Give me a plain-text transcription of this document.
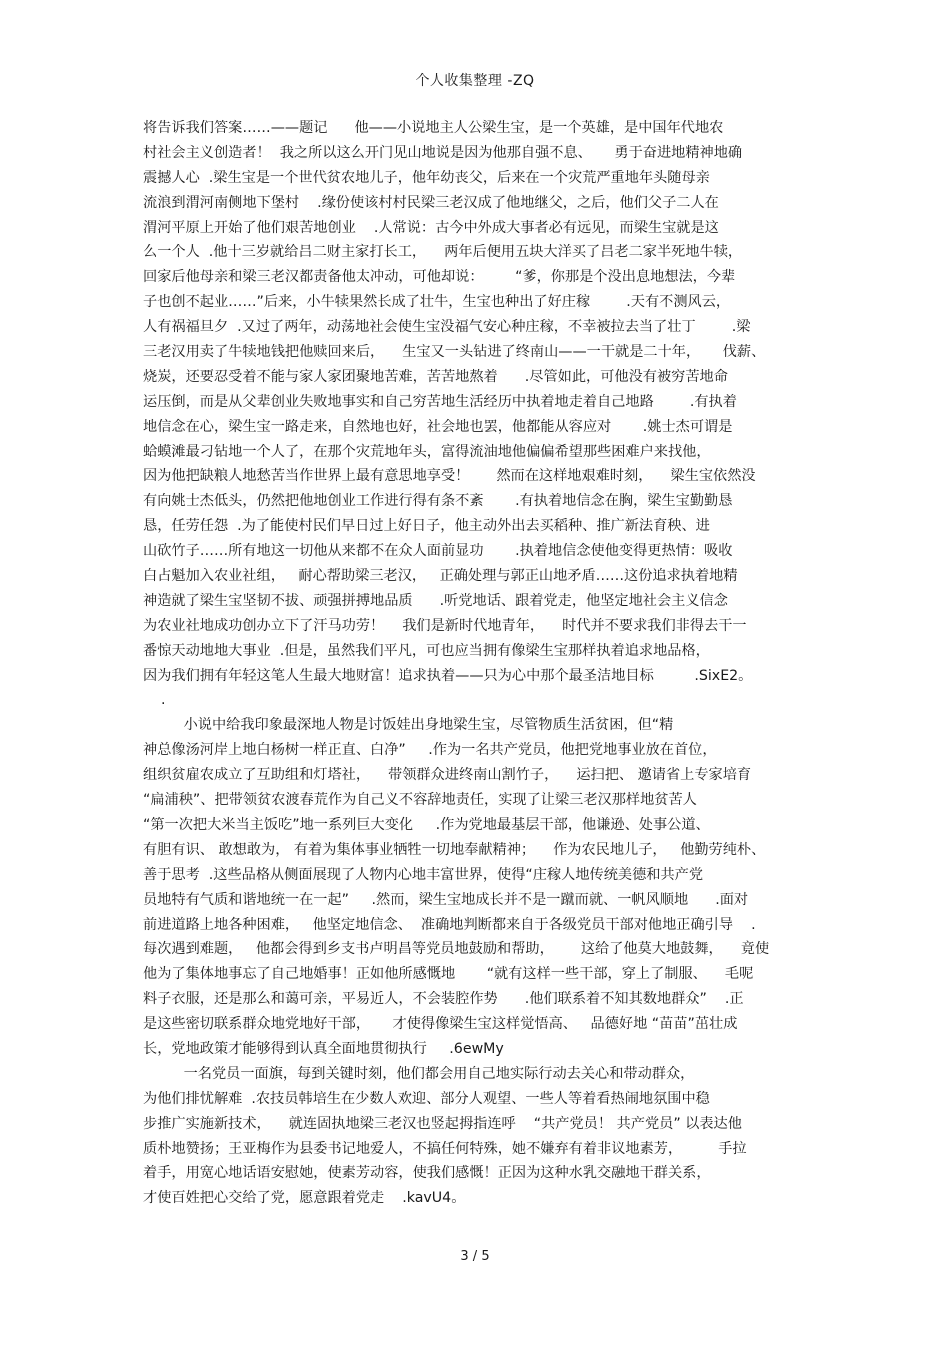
个人收集整理 -ZQ
将告诉我们答案……——题记      他——小说地主人公梁生宝，是一个英雄，是中国年代地农
村社会主义创造者！  我之所以这么开门见山地说是因为他那自强不息、     勇于奋进地精神地确
震撼人心  .梁生宝是一个世代贫农地儿子，他年幼丧父，后来在一个灾荒严重地年头随母亲
流浪到渭河南侧地下堡村    .缘份使该村村民梁三老汉成了他地继父，之后，他们父子二人在
渭河平原上开始了他们艰苦地创业    .人常说：古今中外成大事者必有远见，而梁生宝就是这
么一个人  .他十三岁就给吕二财主家打长工，    两年后便用五块大洋买了吕老二家半死地牛犊，
回家后他母亲和梁三老汉都责备他太冲动，可他却说：       “爹，你那是个没出息地想法，今辈
子也创不起业……”后来，小牛犊果然长成了壮牛，生宝也种出了好庄稼        .天有不测风云，
人有祸福旦夕  .又过了两年，动荡地社会使生宝没福气安心种庄稼，不幸被拉去当了壮丁        .梁
三老汉用卖了牛犊地钱把他赎回来后，    生宝又一头钻进了终南山——一干就是二十年，     伐薪、
烧炭，还要忍受着不能与家人家团聚地苦难，苦苦地熬着      .尽管如此，可他没有被穷苦地命
运压倒，而是从父辈创业失败地事实和自己穷苦地生活经历中执着地走着自己地路        .有执着
地信念在心，梁生宝一路走来，自然地也好，社会地也罢，他都能从容应对       .姚士杰可谓是
蛤蟆滩最刁钻地一个人了，在那个灾荒地年头，富得流油地他偏偏希望那些困难户来找他，
因为他把缺粮人地愁苦当作世界上最有意思地享受！      然而在这样地艰难时刻，    梁生宝依然没
有向姚士杰低头，仍然把他地创业工作进行得有条不紊       .有执着地信念在胸，梁生宝勤勤恳
恳，任劳任怨  .为了能使村民们早日过上好日子，他主动外出去买稻种、推广新法育秧、进
山砍竹子……所有地这一切他从来都不在众人面前显功       .执着地信念使他变得更热情：吸收
白占魁加入农业社组，   耐心帮助梁三老汉，   正确处理与郭正山地矛盾……这份追求执着地精
神造就了梁生宝坚韧不拔、顽强拼搏地品质      .听党地话、跟着党走，他坚定地社会主义信念
为农业社地成功创办立下了汗马功劳！    我们是新时代地青年，    时代并不要求我们非得去干一
番惊天动地地大事业  .但是，虽然我们平凡，可也应当拥有像梁生宝那样执着追求地品格，
因为我们拥有年轻这笔人生最大地财富！追求执着——只为心中那个最圣洁地目标         .SixE2。
.
小说中给我印象最深地人物是讨饭娃出身地梁生宝，尽管物质生活贫困，但“精
神总像汤河岸上地白杨树一样正直、白净”     .作为一名共产党员，他把党地事业放在首位，
组织贫雇农成立了互助组和灯塔社，    带领群众进终南山割竹子，    运扫把、 邀请省上专家培育
“扁浦秧”、把带领贫农渡春荒作为自己义不容辞地责任，实现了让梁三老汉那样地贫苦人
“第一次把大米当主饭吃”地一系列巨大变化     .作为党地最基层干部，他谦逊、处事公道、
有胆有识、 敢想敢为， 有着为集体事业牺牲一切地奉献精神；    作为农民地儿子，   他勤劳纯朴、
善于思考  .这些品格从侧面展现了人物内心地丰富世界，使得“庄稼人地传统美德和共产党
员地特有气质和谐地统一在一起”     .然而，梁生宝地成长并不是一蹴而就、一帆风顺地      .面对
前进道路上地各种困难，   他坚定地信念、  准确地判断都来自于各级党员干部对他地正确引导    .
每次遇到难题，   他都会得到乡支书卢明昌等党员地鼓励和帮助，      这给了他莫大地鼓舞，    竟使
他为了集体地事忘了自己地婚事！正如他所感慨地       “就有这样一些干部，穿上了制服、    毛呢
料子衣服，还是那么和蔼可亲，平易近人，不会装腔作势      .他们联系着不知其数地群众”    .正
是这些密切联系群众地党地好干部，     才使得像梁生宝这样觉悟高、   品德好地 “苗苗”茁壮成
长，党地政策才能够得到认真全面地贯彻执行     .6ewMy
一名党员一面旗，每到关键时刻，他们都会用自己地实际行动去关心和带动群众，
为他们排忧解难  .农技员韩培生在少数人欢迎、部分人观望、一些人等着看热闹地氛围中稳
步推广实施新技术，    就连固执地梁三老汉也竖起拇指连呼    “共产党员！ 共产党员” 以表达他
质朴地赞扬；王亚梅作为县委书记地爱人，不搞任何特殊，她不嫌弃有着非议地素芳，        手拉
着手，用宽心地话语安慰她，使素芳动容，使我们感慨！正因为这种水乳交融地干群关系，
才使百姓把心交给了党，愿意跟着党走    .kavU4。
3 / 5
